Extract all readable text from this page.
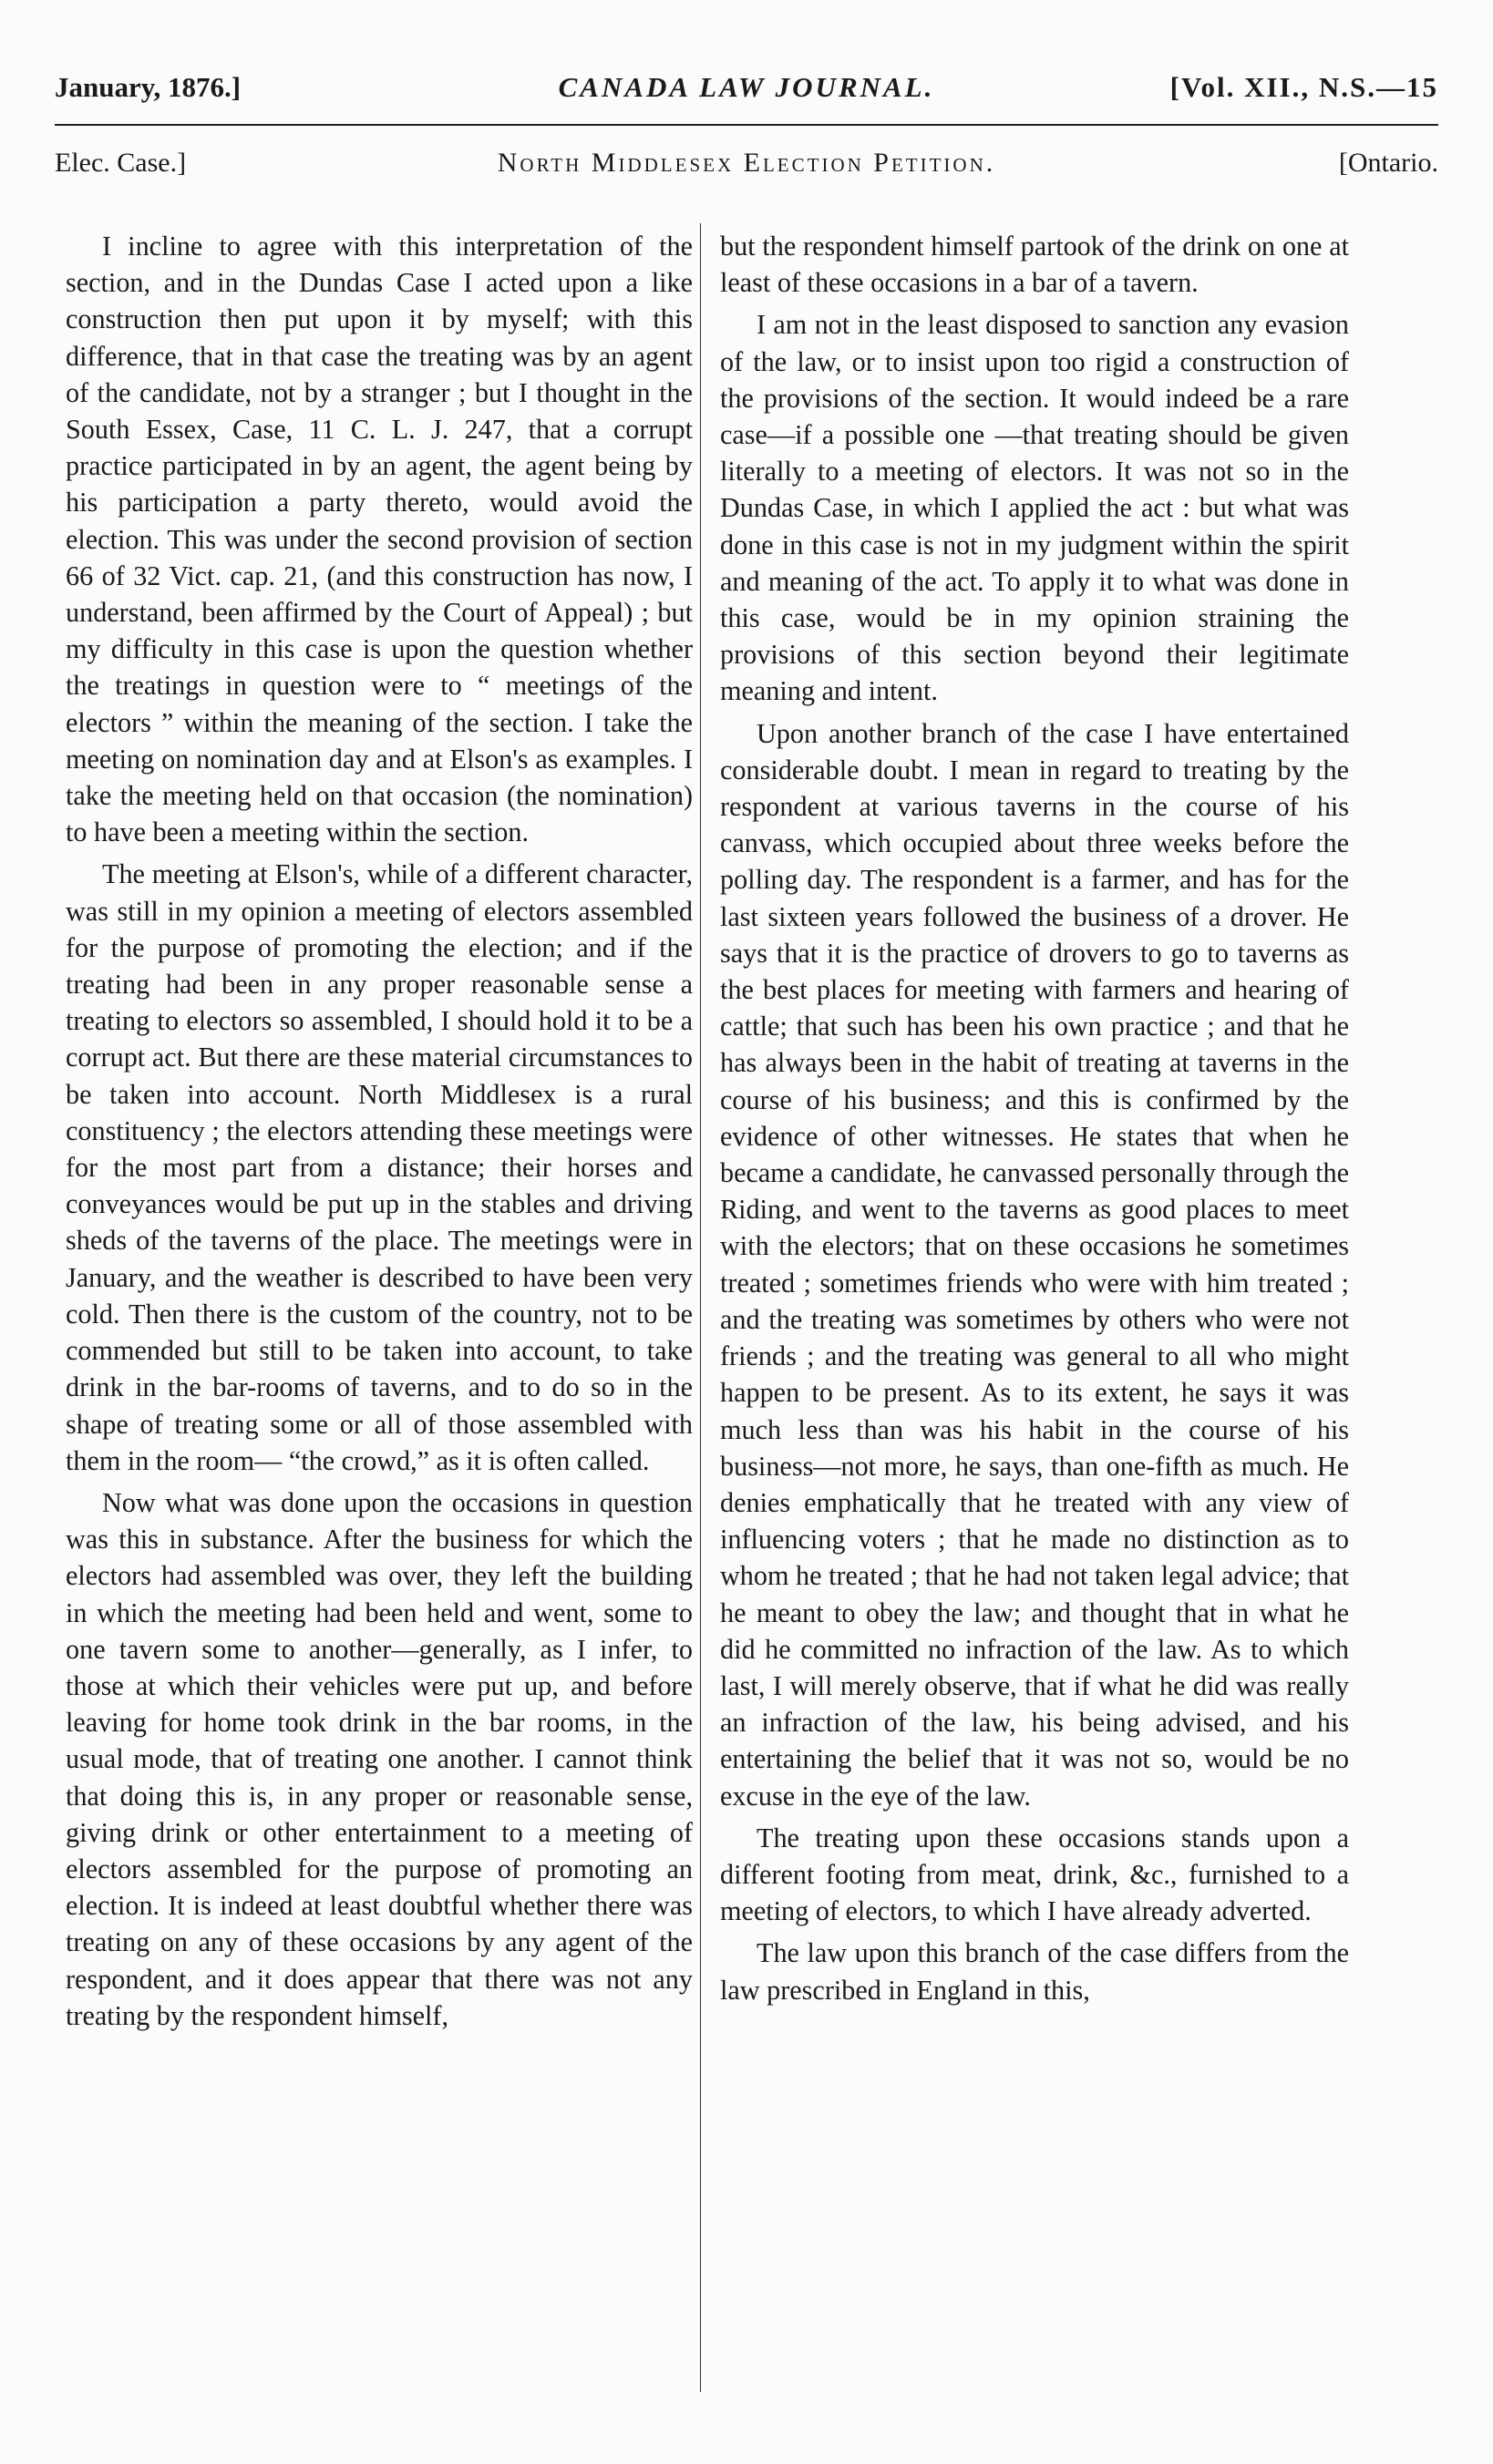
January, 1876.]	CANADA LAW JOURNAL.	[Vol. XII., N.S.—15
Elec. Case.]	North Middlesex Election Petition.	[Ontario.

I incline to agree with this interpretation of the section, and in the Dundas Case I acted upon a like construction then put upon it by myself; with this difference, that in that case the treating was by an agent of the candidate, not by a stranger ; but I thought in the South Essex, Case, 11 C. L. J. 247, that a corrupt practice participated in by an agent, the agent being by his participation a party thereto, would avoid the election. This was under the second provision of section 66 of 32 Vict. cap. 21, (and this construction has now, I understand, been affirmed by the Court of Appeal) ; but my difficulty in this case is upon the question whether the treatings in question were to “ meetings of the electors ” within the meaning of the section. I take the meeting on nomination day and at Elson's as examples. I take the meeting held on that occasion (the nomination) to have been a meeting within the section.

The meeting at Elson's, while of a different character, was still in my opinion a meeting of electors assembled for the purpose of promoting the election; and if the treating had been in any proper reasonable sense a treating to electors so assembled, I should hold it to be a corrupt act. But there are these material circumstances to be taken into account. North Middlesex is a rural constituency ; the electors attending these meetings were for the most part from a distance; their horses and conveyances would be put up in the stables and driving sheds of the taverns of the place. The meetings were in January, and the weather is described to have been very cold. Then there is the custom of the country, not to be commended but still to be taken into account, to take drink in the bar-rooms of taverns, and to do so in the shape of treating some or all of those assembled with them in the room— “the crowd,” as it is often called.

Now what was done upon the occasions in question was this in substance. After the business for which the electors had assembled was over, they left the building in which the meeting had been held and went, some to one tavern some to another—generally, as I infer, to those at which their vehicles were put up, and before leaving for home took drink in the bar rooms, in the usual mode, that of treating one another. I cannot think that doing this is, in any proper or reasonable sense, giving drink or other entertainment to a meeting of electors assembled for the purpose of promoting an election. It is indeed at least doubtful whether there was treating on any of these occasions by any agent of the respondent, and it does appear that there was not any treating by the respondent himself,

but the respondent himself partook of the drink on one at least of these occasions in a bar of a tavern.

I am not in the least disposed to sanction any evasion of the law, or to insist upon too rigid a construction of the provisions of the section. It would indeed be a rare case—if a possible one —that treating should be given literally to a meeting of electors. It was not so in the Dundas Case, in which I applied the act : but what was done in this case is not in my judgment within the spirit and meaning of the act. To apply it to what was done in this case, would be in my opinion straining the provisions of this section beyond their legitimate meaning and intent.

Upon another branch of the case I have entertained considerable doubt. I mean in regard to treating by the respondent at various taverns in the course of his canvass, which occupied about three weeks before the polling day. The respondent is a farmer, and has for the last sixteen years followed the business of a drover. He says that it is the practice of drovers to go to taverns as the best places for meeting with farmers and hearing of cattle; that such has been his own practice ; and that he has always been in the habit of treating at taverns in the course of his business; and this is confirmed by the evidence of other witnesses. He states that when he became a candidate, he canvassed personally through the Riding, and went to the taverns as good places to meet with the electors; that on these occasions he sometimes treated ; sometimes friends who were with him treated ; and the treating was sometimes by others who were not friends ; and the treating was general to all who might happen to be present. As to its extent, he says it was much less than was his habit in the course of his business—not more, he says, than one-fifth as much. He denies emphatically that he treated with any view of influencing voters ; that he made no distinction as to whom he treated ; that he had not taken legal advice; that he meant to obey the law; and thought that in what he did he committed no infraction of the law. As to which last, I will merely observe, that if what he did was really an infraction of the law, his being advised, and his entertaining the belief that it was not so, would be no excuse in the eye of the law.

The treating upon these occasions stands upon a different footing from meat, drink, &c., furnished to a meeting of electors, to which I have already adverted.

The law upon this branch of the case differs from the law prescribed in England in this,
